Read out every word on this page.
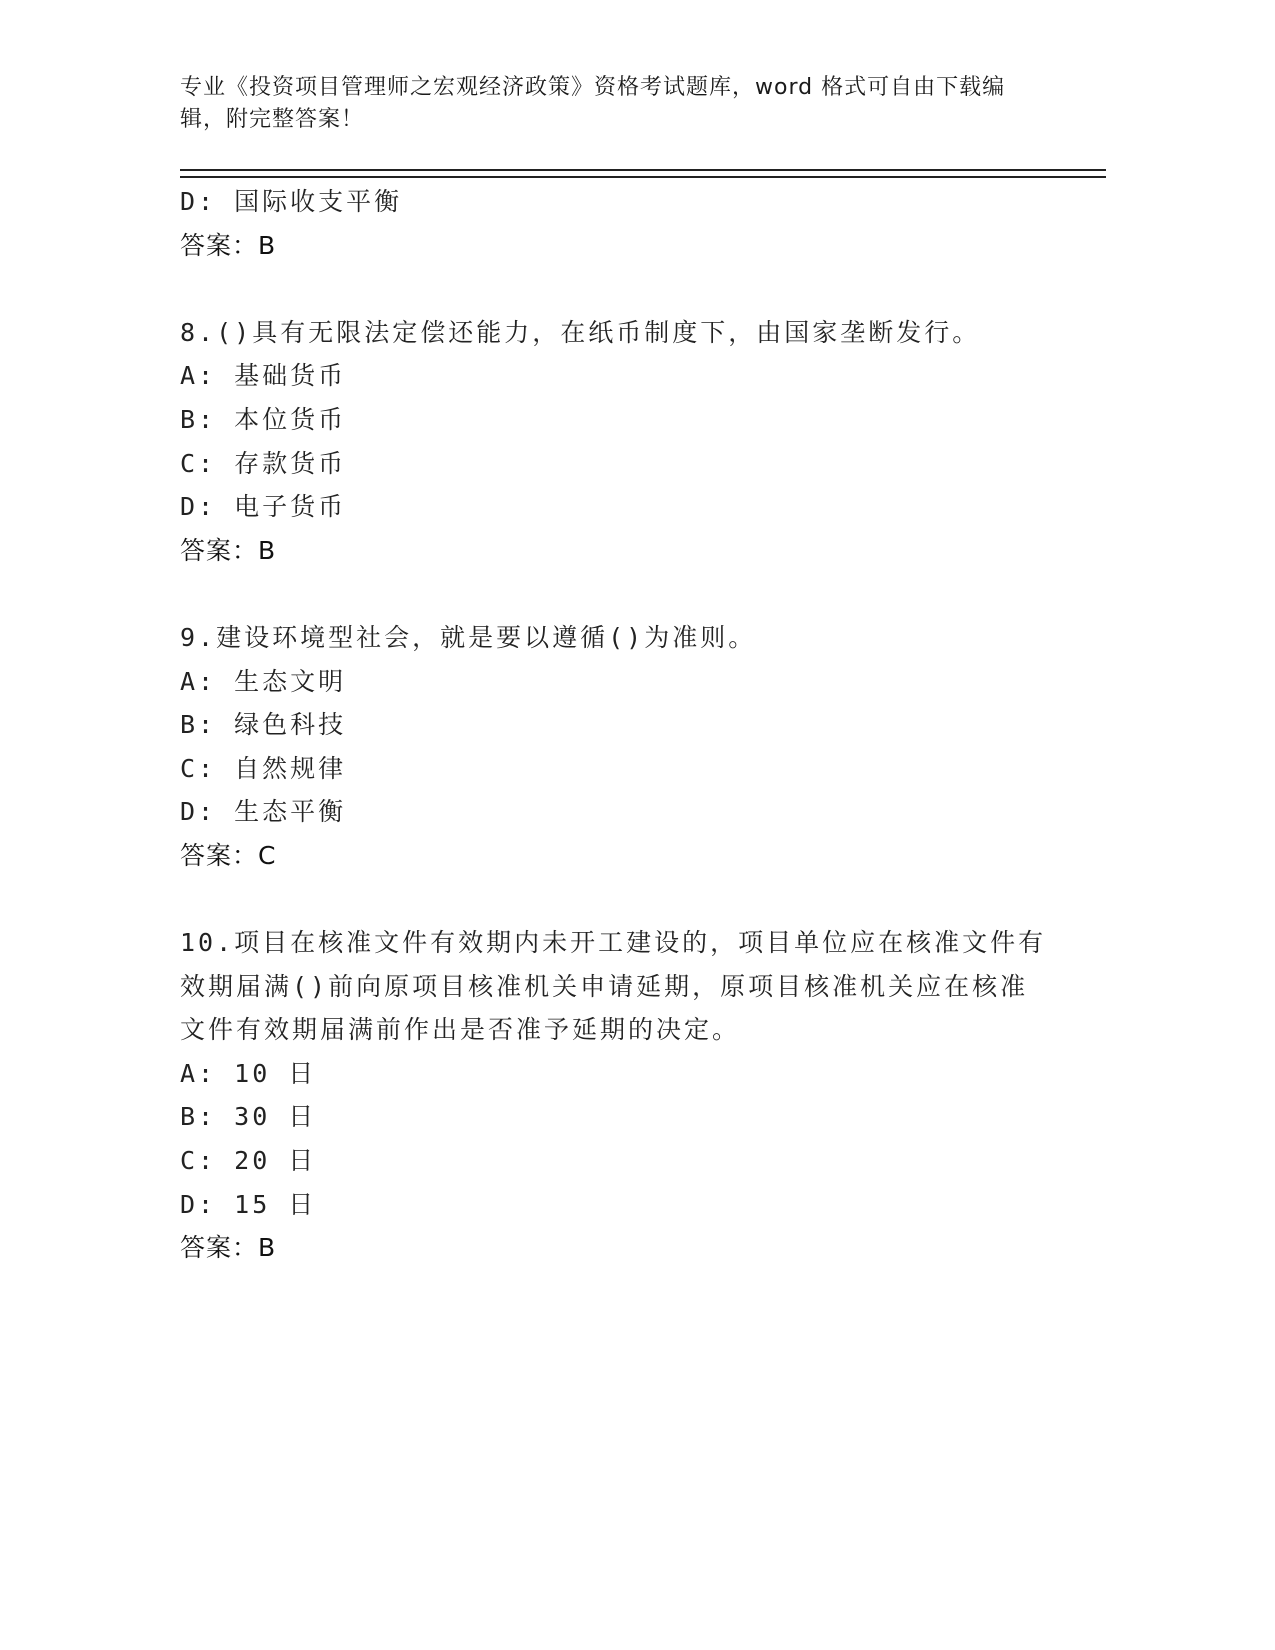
专业《投资项目管理师之宏观经济政策》资格考试题库，word 格式可自由下载编
辑，附完整答案！
D: 国际收支平衡
答案：B
8.()具有无限法定偿还能力，在纸币制度下，由国家垄断发行。
A: 基础货币
B: 本位货币
C: 存款货币
D: 电子货币
答案：B
9.建设环境型社会，就是要以遵循()为准则。
A: 生态文明
B: 绿色科技
C: 自然规律
D: 生态平衡
答案：C
10.项目在核准文件有效期内未开工建设的，项目单位应在核准文件有
效期届满()前向原项目核准机关申请延期，原项目核准机关应在核准
文件有效期届满前作出是否准予延期的决定。
A: 10 日
B: 30 日
C: 20 日
D: 15 日
答案：B
